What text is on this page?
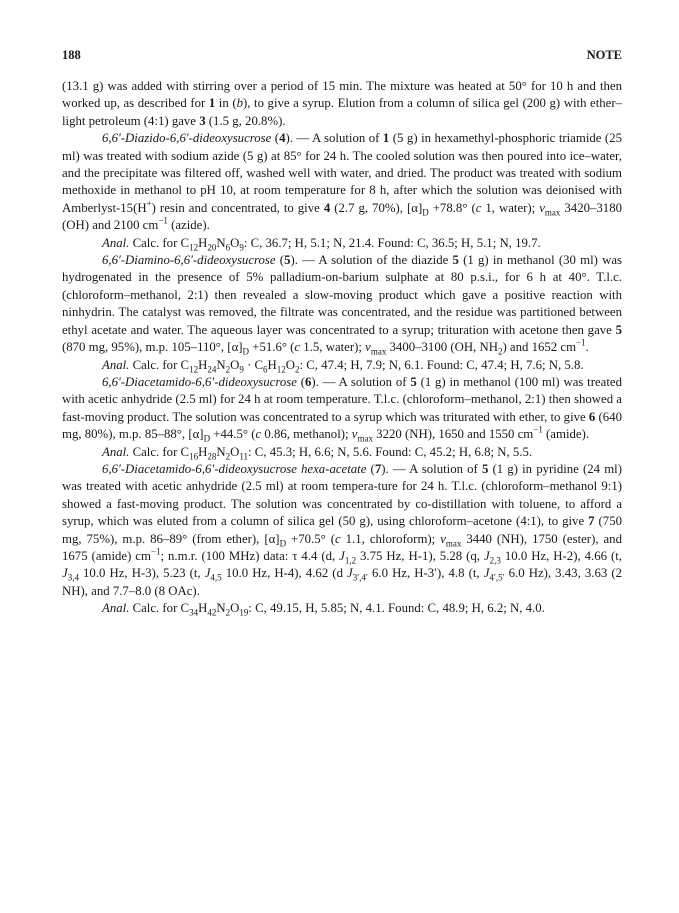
188	NOTE

(13.1 g) was added with stirring over a period of 15 min. The mixture was heated at 50° for 10 h and then worked up, as described for 1 in (b), to give a syrup. Elution from a column of silica gel (200 g) with ether–light petroleum (4:1) gave 3 (1.5 g, 20.8%).

6,6′-Diazido-6,6′-dideoxysucrose (4). — A solution of 1 (5 g) in hexamethyl-phosphoric triamide (25 ml) was treated with sodium azide (5 g) at 85° for 24 h. The cooled solution was then poured into ice–water, and the precipitate was filtered off, washed well with water, and dried. The product was treated with sodium methoxide in methanol to pH 10, at room temperature for 8 h, after which the solution was deionised with Amberlyst-15(H+) resin and concentrated, to give 4 (2.7 g, 70%), $[\alpha]_D +78.8^\circ$ (c 1, water); $\nu_{max}$ 3420–3180 (OH) and 2100 $cm^{-1}$ (azide).

Anal. Calc. for $C_{12}H_{20}N_6O_9$: C, 36.7; H, 5.1; N, 21.4. Found: C, 36.5; H, 5.1; N, 19.7.

6,6′-Diamino-6,6′-dideoxysucrose (5). — A solution of the diazide 5 (1 g) in methanol (30 ml) was hydrogenated in the presence of 5% palladium-on-barium sulphate at 80 p.s.i., for 6 h at 40°. T.l.c. (chloroform–methanol, 2:1) then revealed a slow-moving product which gave a positive reaction with ninhydrin. The catalyst was removed, the filtrate was concentrated, and the residue was partitioned between ethyl acetate and water. The aqueous layer was concentrated to a syrup; trituration with acetone then gave 5 (870 mg, 95%), m.p. 105–110°, $[\alpha]_D +51.6^\circ$ (c 1.5, water); $\nu_{max}$ 3400–3100 (OH, $NH_2$) and 1652 $cm^{-1}$.

Anal. Calc. for $C_{12}H_{24}N_2O_9 \cdot C_6H_{12}O_2$: C, 47.4; H, 7.9; N, 6.1. Found: C, 47.4; H, 7.6; N, 5.8.

6,6′-Diacetamido-6,6′-dideoxysucrose (6). — A solution of 5 (1 g) in methanol (100 ml) was treated with acetic anhydride (2.5 ml) for 24 h at room temperature. T.l.c. (chloroform–methanol, 2:1) then showed a fast-moving product. The solution was concentrated to a syrup which was triturated with ether, to give 6 (640 mg, 80%), m.p. 85–88°, $[\alpha]_D +44.5^\circ$ (c 0.86, methanol); $\nu_{max}$ 3220 (NH), 1650 and 1550 $cm^{-1}$ (amide).

Anal. Calc. for $C_{16}H_{28}N_2O_{11}$: C, 45.3; H, 6.6; N, 5.6. Found: C, 45.2; H, 6.8; N, 5.5.

6,6′-Diacetamido-6,6′-dideoxysucrose hexa-acetate (7). — A solution of 5 (1 g) in pyridine (24 ml) was treated with acetic anhydride (2.5 ml) at room tempera-ture for 24 h. T.l.c. (chloroform–methanol 9:1) showed a fast-moving product. The solution was concentrated by co-distillation with toluene, to afford a syrup, which was eluted from a column of silica gel (50 g), using chloroform–acetone (4:1), to give 7 (750 mg, 75%), m.p. 86–89° (from ether), $[\alpha]_D +70.5^\circ$ (c 1.1, chloroform); $\nu_{max}$ 3440 (NH), 1750 (ester), and 1675 (amide) $cm^{-1}$; n.m.r. (100 MHz) data: τ 4.4 (d, $J_{1,2}$ 3.75 Hz, H-1), 5.28 (q, $J_{2,3}$ 10.0 Hz, H-2), 4.66 (t, $J_{3,4}$ 10.0 Hz, H-3), 5.23 (t, $J_{4,5}$ 10.0 Hz, H-4), 4.62 (d $J_{3',4'}$ 6.0 Hz, H-3′), 4.8 (t, $J_{4',5'}$ 6.0 Hz), 3.43, 3.63 (2 NH), and 7.7–8.0 (8 OAc).

Anal. Calc. for $C_{34}H_{42}N_2O_{19}$: C, 49.15, H, 5.85; N, 4.1. Found: C, 48.9; H, 6.2; N, 4.0.
